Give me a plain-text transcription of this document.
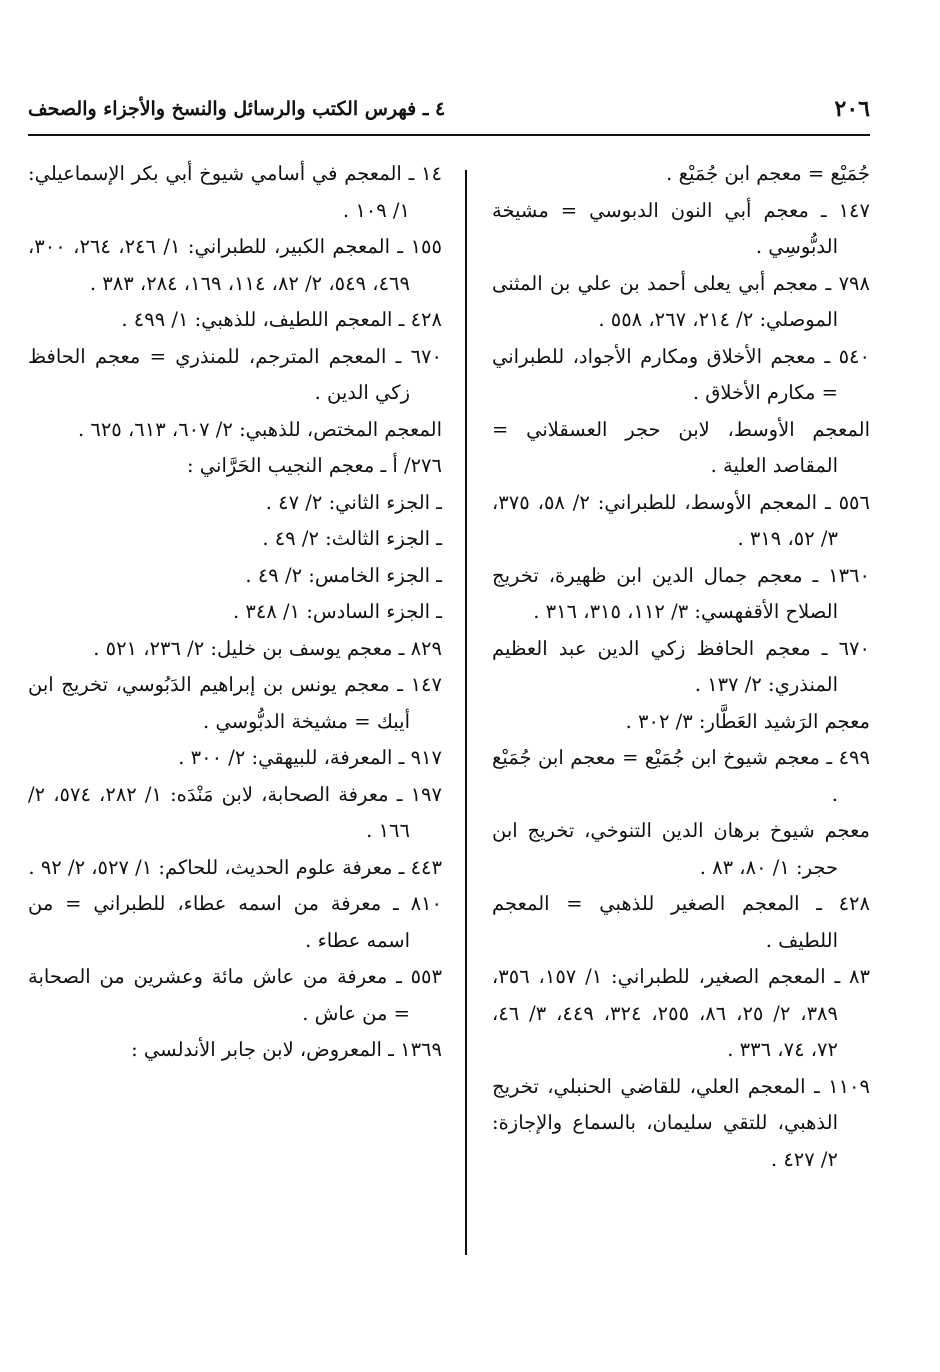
٢٠٦
٤ ـ فهرس الكتب والرسائل والنسخ والأجزاء والصحف
جُمَيْع = معجم ابن جُمَيْع .
١٤٧ ـ معجم أبي النون الدبوسي = مشيخة الدبُّوسِي .
٧٩٨ ـ معجم أبي يعلى أحمد بن علي بن المثنى الموصلي: ٢/ ٢١٤، ٢٦٧، ٥٥٨ .
٥٤٠ ـ معجم الأخلاق ومكارم الأجواد، للطبراني = مكارم الأخلاق .
المعجم الأوسط، لابن حجر العسقلاني = المقاصد العلية .
٥٥٦ ـ المعجم الأوسط، للطبراني: ٢/ ٥٨، ٣٧٥، ٣/ ٥٢، ٣١٩ .
١٣٦٠ ـ معجم جمال الدين ابن ظهيرة، تخريج الصلاح الأقفهسي: ٣/ ١١٢، ٣١٥، ٣١٦ .
٦٧٠ ـ معجم الحافظ زكي الدين عبد العظيم المنذري: ٢/ ١٣٧ .
معجم الرَشيد العَطَّار: ٣/ ٣٠٢ .
٤٩٩ ـ معجم شيوخ ابن جُمَيْع = معجم ابن جُمَيْع .
معجم شيوخ برهان الدين التنوخي، تخريج ابن حجر: ١/ ٨٠، ٨٣ .
٤٢٨ ـ المعجم الصغير للذهبي = المعجم اللطيف .
٨٣ ـ المعجم الصغير، للطبراني: ١/ ١٥٧، ٣٥٦، ٣٨٩، ٢/ ٢٥، ٨٦، ٢٥٥، ٣٢٤، ٤٤٩، ٣/ ٤٦، ٧٢، ٧٤، ٣٣٦ .
١١٠٩ ـ المعجم العلي، للقاضي الحنبلي، تخريج الذهبي، للتقي سليمان، بالسماع والإجازة: ٢/ ٤٢٧ .
١٤ ـ المعجم في أسامي شيوخ أبي بكر الإسماعيلي: ١/ ١٠٩ .
١٥٥ ـ المعجم الكبير، للطبراني: ١/ ٢٤٦، ٢٦٤، ٣٠٠، ٤٦٩، ٥٤٩، ٢/ ٨٢، ١١٤، ١٦٩، ٢٨٤، ٣٨٣ .
٤٢٨ ـ المعجم اللطيف، للذهبي: ١/ ٤٩٩ .
٦٧٠ ـ المعجم المترجم، للمنذري = معجم الحافظ زكي الدين .
المعجم المختص، للذهبي: ٢/ ٦٠٧، ٦١٣، ٦٢٥ .
٢٧٦/ أ ـ معجم النجيب الحَرَّاني :
ـ الجزء الثاني: ٢/ ٤٧ .
ـ الجزء الثالث: ٢/ ٤٩ .
ـ الجزء الخامس: ٢/ ٤٩ .
ـ الجزء السادس: ١/ ٣٤٨ .
٨٢٩ ـ معجم يوسف بن خليل: ٢/ ٢٣٦، ٥٢١ .
١٤٧ ـ معجم يونس بن إبراهيم الدَبُوسي، تخريج ابن أيبك = مشيخة الدبُّوسي .
٩١٧ ـ المعرفة، للبيهقي: ٢/ ٣٠٠ .
١٩٧ ـ معرفة الصحابة، لابن مَنْدَه: ١/ ٢٨٢، ٥٧٤، ٢/ ١٦٦ .
٤٤٣ ـ معرفة علوم الحديث، للحاكم: ١/ ٥٢٧، ٢/ ٩٢ .
٨١٠ ـ معرفة من اسمه عطاء، للطبراني = من اسمه عطاء .
٥٥٣ ـ معرفة من عاش مائة وعشرين من الصحابة = من عاش .
١٣٦٩ ـ المعروض، لابن جابر الأندلسي :
